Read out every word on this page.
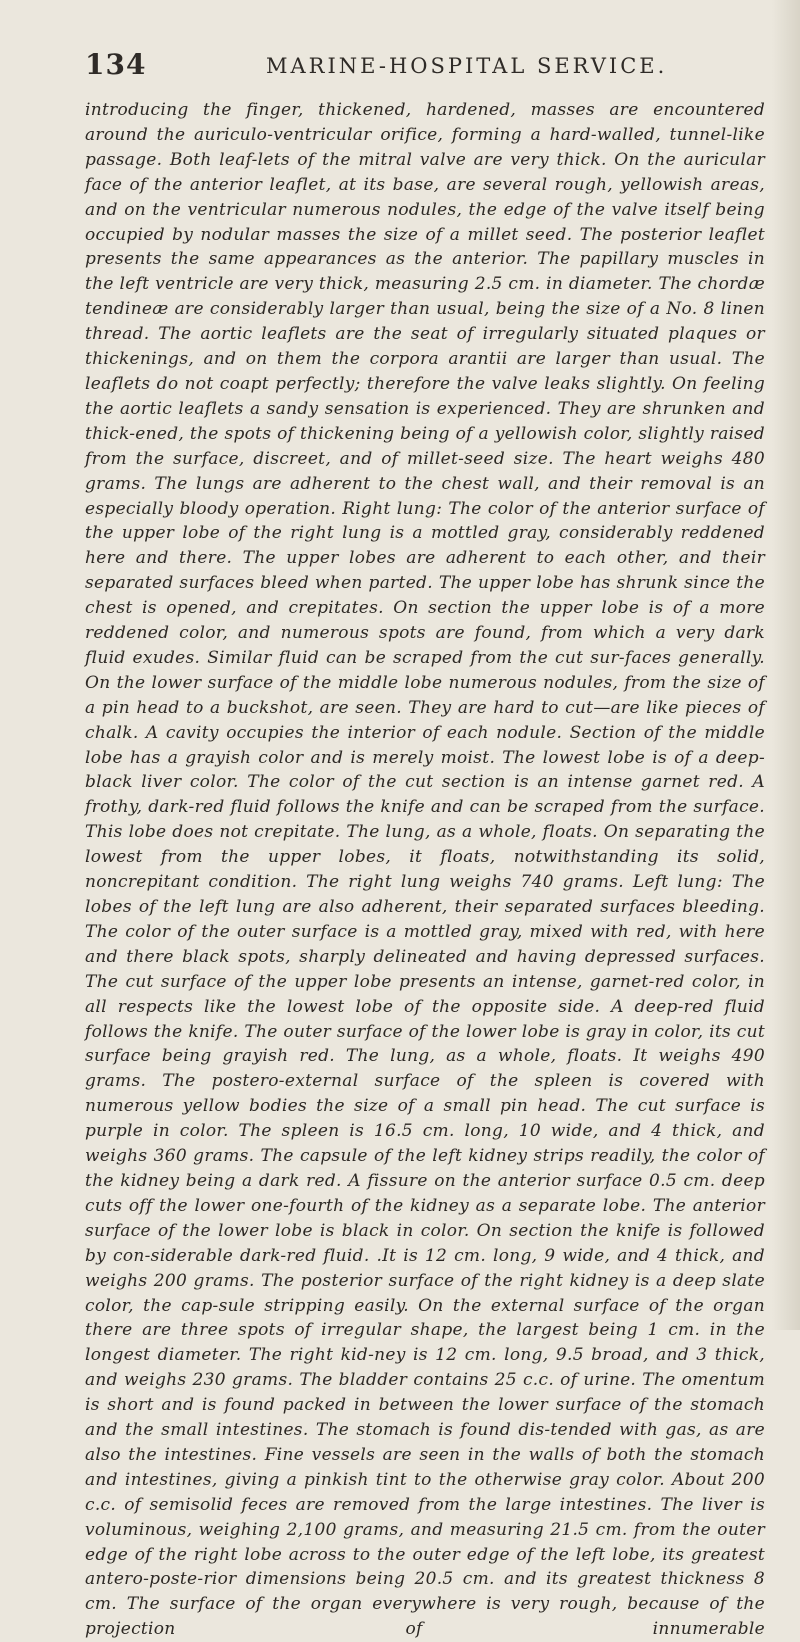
134	MARINE-HOSPITAL SERVICE.

introducing the finger, thickened, hardened, masses are encountered around the auriculo-ventricular orifice, forming a hard-walled, tunnel-like passage. Both leaf-lets of the mitral valve are very thick. On the auricular face of the anterior leaflet, at its base, are several rough, yellowish areas, and on the ventricular numerous nodules, the edge of the valve itself being occupied by nodular masses the size of a millet seed. The posterior leaflet presents the same appearances as the anterior. The papillary muscles in the left ventricle are very thick, measuring 2.5 cm. in diameter. The chordæ tendineæ are considerably larger than usual, being the size of a No. 8 linen thread. The aortic leaflets are the seat of irregularly situated plaques or thickenings, and on them the corpora arantii are larger than usual. The leaflets do not coapt perfectly; therefore the valve leaks slightly. On feeling the aortic leaflets a sandy sensation is experienced. They are shrunken and thick-ened, the spots of thickening being of a yellowish color, slightly raised from the surface, discreet, and of millet-seed size. The heart weighs 480 grams. The lungs are adherent to the chest wall, and their removal is an especially bloody operation. Right lung: The color of the anterior surface of the upper lobe of the right lung is a mottled gray, considerably reddened here and there. The upper lobes are adherent to each other, and their separated surfaces bleed when parted. The upper lobe has shrunk since the chest is opened, and crepitates. On section the upper lobe is of a more reddened color, and numerous spots are found, from which a very dark fluid exudes. Similar fluid can be scraped from the cut sur-faces generally. On the lower surface of the middle lobe numerous nodules, from the size of a pin head to a buckshot, are seen. They are hard to cut—are like pieces of chalk. A cavity occupies the interior of each nodule. Section of the middle lobe has a grayish color and is merely moist. The lowest lobe is of a deep-black liver color. The color of the cut section is an intense garnet red. A frothy, dark-red fluid follows the knife and can be scraped from the surface. This lobe does not crepitate. The lung, as a whole, floats. On separating the lowest from the upper lobes, it floats, notwithstanding its solid, noncrepitant condition. The right lung weighs 740 grams. Left lung: The lobes of the left lung are also adherent, their separated surfaces bleeding. The color of the outer surface is a mottled gray, mixed with red, with here and there black spots, sharply delineated and having depressed surfaces. The cut surface of the upper lobe presents an intense, garnet-red color, in all respects like the lowest lobe of the opposite side. A deep-red fluid follows the knife. The outer surface of the lower lobe is gray in color, its cut surface being grayish red. The lung, as a whole, floats. It weighs 490 grams. The postero-external surface of the spleen is covered with numerous yellow bodies the size of a small pin head. The cut surface is purple in color. The spleen is 16.5 cm. long, 10 wide, and 4 thick, and weighs 360 grams. The capsule of the left kidney strips readily, the color of the kidney being a dark red. A fissure on the anterior surface 0.5 cm. deep cuts off the lower one-fourth of the kidney as a separate lobe. The anterior surface of the lower lobe is black in color. On section the knife is followed by con-siderable dark-red fluid. .It is 12 cm. long, 9 wide, and 4 thick, and weighs 200 grams. The posterior surface of the right kidney is a deep slate color, the cap-sule stripping easily. On the external surface of the organ there are three spots of irregular shape, the largest being 1 cm. in the longest diameter. The right kid-ney is 12 cm. long, 9.5 broad, and 3 thick, and weighs 230 grams. The bladder contains 25 c.c. of urine. The omentum is short and is found packed in between the lower surface of the stomach and the small intestines. The stomach is found dis-tended with gas, as are also the intestines. Fine vessels are seen in the walls of both the stomach and intestines, giving a pinkish tint to the otherwise gray color. About 200 c.c. of semisolid feces are removed from the large intestines. The liver is voluminous, weighing 2,100 grams, and measuring 21.5 cm. from the outer edge of the right lobe across to the outer edge of the left lobe, its greatest antero-poste-rior dimensions being 20.5 cm. and its greatest thickness 8 cm. The surface of the organ everywhere is very rough, because of the projection of innumerable
